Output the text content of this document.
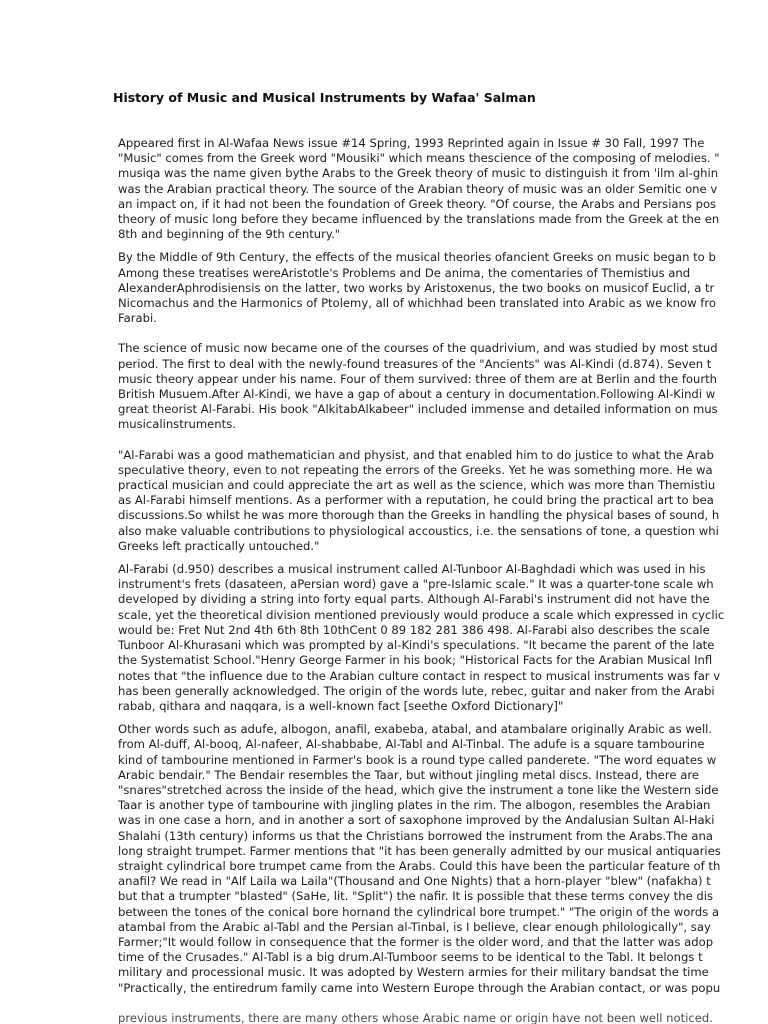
History of Music and Musical Instruments by Wafaa' Salman

Appeared first in Al-Wafaa News issue #14 Spring, 1993 Reprinted again in Issue # 30 Fall, 1997 The
"Music" comes from the Greek word "Mousiki" which means thescience of the composing of melodies. "
musiqa was the name given bythe Arabs to the Greek theory of music to distinguish it from 'ilm al-ghin
was the Arabian practical theory. The source of the Arabian theory of music was an older Semitic one v
an impact on, if it had not been the foundation of Greek theory. "Of course, the Arabs and Persians pos
theory of music long before they became influenced by the translations made from the Greek at the en
8th and beginning of the 9th century."

By the Middle of 9th Century, the effects of the musical theories ofancient Greeks on music began to b
Among these treatises wereAristotle's Problems and De anima, the comentaries of Themistius and
AlexanderAphrodisiensis on the latter, two works by Aristoxenus, the two books on musicof Euclid, a tr
Nicomachus and the Harmonics of Ptolemy, all of whichhad been translated into Arabic as we know fro
Farabi.

The science of music now became one of the courses of the quadrivium, and was studied by most stud
period. The first to deal with the newly-found treasures of the "Ancients" was Al-Kindi (d.874). Seven t
music theory appear under his name. Four of them survived: three of them are at Berlin and the fourth
British Musuem.After Al-Kindi, we have a gap of about a century in documentation.Following Al-Kindi w
great theorist Al-Farabi. His book "AlkitabAlkabeer" included immense and detailed information on mus
musicalinstruments.

"Al-Farabi was a good mathematician and physist, and that enabled him to do justice to what the Arab
speculative theory, even to not repeating the errors of the Greeks. Yet he was something more. He wa
practical musician and could appreciate the art as well as the science, which was more than Themistiu
as Al-Farabi himself mentions. As a performer with a reputation, he could bring the practical art to bea
discussions.So whilst he was more thorough than the Greeks in handling the physical bases of sound, h
also make valuable contributions to physiological accoustics, i.e. the sensations of tone, a question whi
Greeks left practically untouched."

Al-Farabi (d.950) describes a musical instrument called Al-Tunboor Al-Baghdadi which was used in his
instrument's frets (dasateen, aPersian word) gave a "pre-Islamic scale." It was a quarter-tone scale wh
developed by dividing a string into forty equal parts. Although Al-Farabi's instrument did not have the
scale, yet the theoretical division mentioned previously would produce a scale which expressed in cyclic
would be: Fret Nut 2nd 4th 6th 8th 10thCent 0 89 182 281 386 498. Al-Farabi also describes the scale
Tunboor Al-Khurasani which was prompted by al-Kindi's speculations. "It became the parent of the late
the Systematist School."Henry George Farmer in his book; "Historical Facts for the Arabian Musical Infl
notes that "the influence due to the Arabian culture contact in respect to musical instruments was far v
has been generally acknowledged. The origin of the words lute, rebec, guitar and naker from the Arabi
rabab, qithara and naqqara, is a well-known fact [seethe Oxford Dictionary]"

Other words such as adufe, albogon, anafil, exabeba, atabal, and atambalare originally Arabic as well.
from Al-duff, Al-booq, Al-nafeer, Al-shabbabe, Al-Tabl and Al-Tinbal. The adufe is a square tambourine
kind of tambourine mentioned in Farmer's book is a round type called panderete. "The word equates w
Arabic bendair." The Bendair resembles the Taar, but without jingling metal discs. Instead, there are
"snares"stretched across the inside of the head, which give the instrument a tone like the Western side
Taar is another type of tambourine with jingling plates in the rim. The albogon, resembles the Arabian
was in one case a horn, and in another a sort of saxophone improved by the Andalusian Sultan Al-Haki
Shalahi (13th century) informs us that the Christians borrowed the instrument from the Arabs.The ana
long straight trumpet. Farmer mentions that "it has been generally admitted by our musical antiquaries
straight cylindrical bore trumpet came from the Arabs. Could this have been the particular feature of th
anafil? We read in "Alf Laila wa Laila"(Thousand and One Nights) that a horn-player "blew" (nafakha) t
but that a trumpter "blasted" (SaHe, lit. "Split") the nafir. It is possible that these terms convey the dis
between the tones of the conical bore hornand the cylindrical bore trumpet." "The origin of the words a
atambal from the Arabic al-Tabl and the Persian al-Tinbal, is I believe, clear enough philologically", say
Farmer;"It would follow in consequence that the former is the older word, and that the latter was adop
time of the Crusades." Al-Tabl is a big drum.Al-Tumboor seems to be identical to the Tabl. It belongs t
military and processional music. It was adopted by Western armies for their military bandsat the time
"Practically, the entiredrum family came into Western Europe through the Arabian contact, or was popu

previous instruments, there are many others whose Arabic name or origin have not been well noticed.
